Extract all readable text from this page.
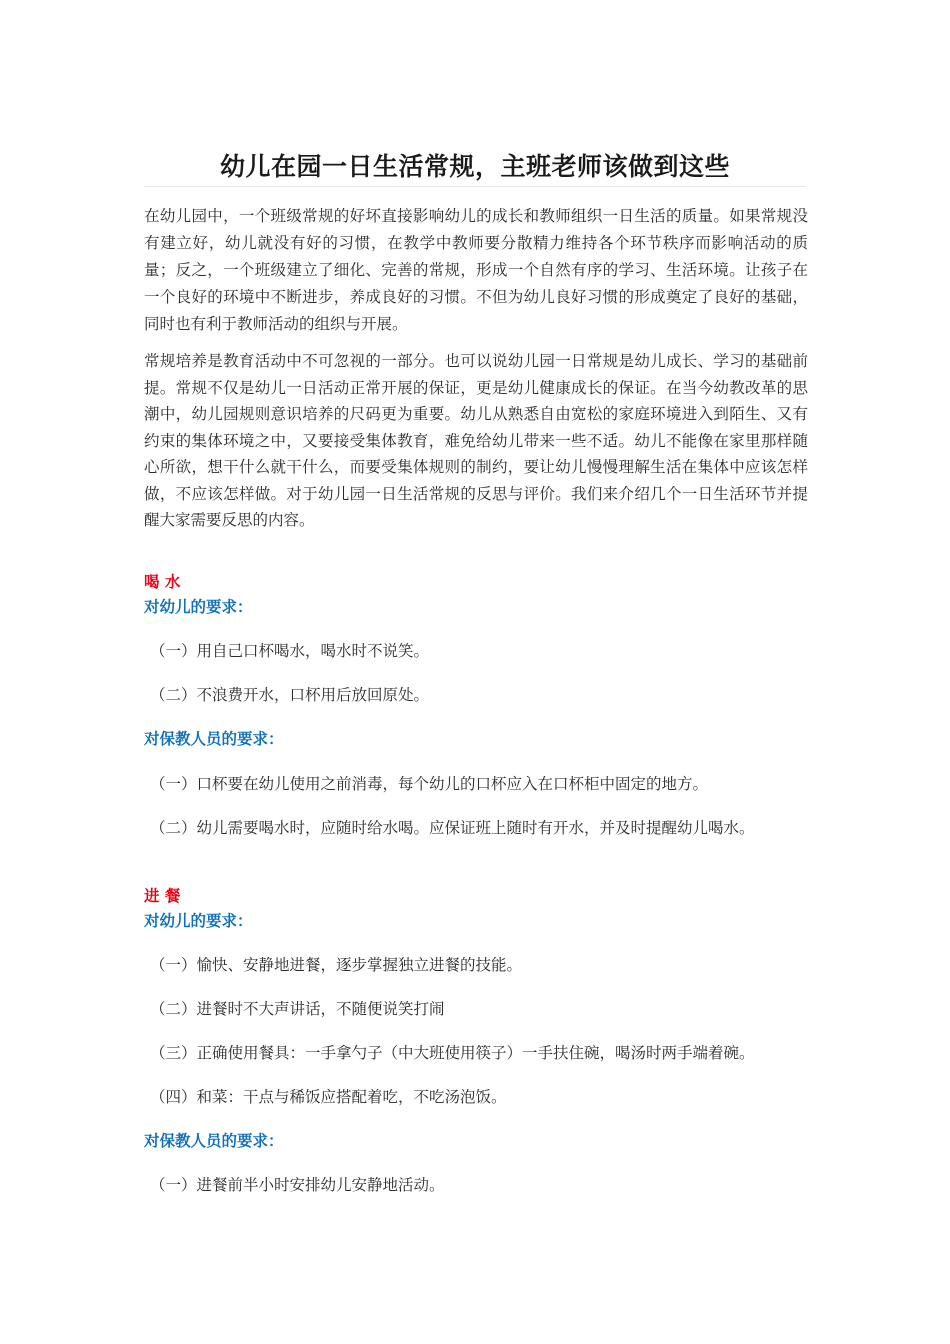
幼儿在园一日生活常规，主班老师该做到这些

在幼儿园中，一个班级常规的好坏直接影响幼儿的成长和教师组织一日生活的质量。如果常规没有建立好，幼儿就没有好的习惯，在教学中教师要分散精力维持各个环节秩序而影响活动的质量；反之，一个班级建立了细化、完善的常规，形成一个自然有序的学习、生活环境。让孩子在一个良好的环境中不断进步，养成良好的习惯。不但为幼儿良好习惯的形成奠定了良好的基础，同时也有利于教师活动的组织与开展。

常规培养是教育活动中不可忽视的一部分。也可以说幼儿园一日常规是幼儿成长、学习的基础前提。常规不仅是幼儿一日活动正常开展的保证，更是幼儿健康成长的保证。在当今幼教改革的思潮中，幼儿园规则意识培养的尺码更为重要。幼儿从熟悉自由宽松的家庭环境进入到陌生、又有约束的集体环境之中，又要接受集体教育，难免给幼儿带来一些不适。幼儿不能像在家里那样随心所欲，想干什么就干什么，而要受集体规则的制约，要让幼儿慢慢理解生活在集体中应该怎样做，不应该怎样做。对于幼儿园一日生活常规的反思与评价。我们来介绍几个一日生活环节并提醒大家需要反思的内容。

喝 水

对幼儿的要求：

（一）用自己口杯喝水，喝水时不说笑。

（二）不浪费开水，口杯用后放回原处。

对保教人员的要求：

（一）口杯要在幼儿使用之前消毒，每个幼儿的口杯应入在口杯柜中固定的地方。

（二）幼儿需要喝水时，应随时给水喝。应保证班上随时有开水，并及时提醒幼儿喝水。

进 餐

对幼儿的要求：

（一）愉快、安静地进餐，逐步掌握独立进餐的技能。

（二）进餐时不大声讲话，不随便说笑打闹

（三）正确使用餐具：一手拿勺子（中大班使用筷子）一手扶住碗，喝汤时两手端着碗。

（四）和菜：干点与稀饭应搭配着吃，不吃汤泡饭。

对保教人员的要求：

（一）进餐前半小时安排幼儿安静地活动。
